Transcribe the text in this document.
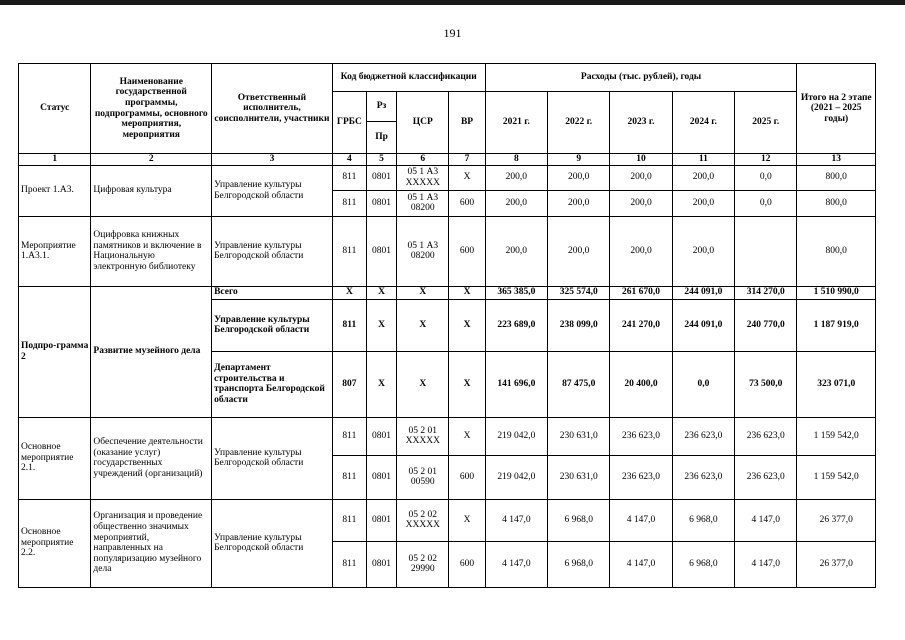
191
Статус	Наименование государственной программы, подпрограммы, основного мероприятия, мероприятия	Ответственный исполнитель, соисполнители, участники	Код бюджетной классификации				Расходы (тыс. рублей), годы					Итого на 2 этапе (2021 – 2025 годы)
			ГРБС	Рз	ЦСР	ВР	2021 г.	2022 г.	2023 г.	2024 г.	2025 г.	
				Пр								
1	2	3	4	5	6	7	8	9	10	11	12	13
Проект 1.А3.	Цифровая культура	Управление культуры Белгородской области	811	0801	05 1 А3 ХХХХХ	Х	200,0	200,0	200,0	200,0	0,0	800,0
			811	0801	05 1 А3 08200	600	200,0	200,0	200,0	200,0	0,0	800,0
Мероприятие 1.А3.1.	Оцифровка книжных памятников и включение в Национальную электронную библиотеку	Управление культуры Белгородской области	811	0801	05 1 А3 08200	600	200,0	200,0	200,0	200,0		800,0
Подпро-грамма 2	Развитие музейного дела	Всего	Х	Х	Х	Х	365 385,0	325 574,0	261 670,0	244 091,0	314 270,0	1 510 990,0
		Управление культуры Белгородской области	811	Х	Х	Х	223 689,0	238 099,0	241 270,0	244 091,0	240 770,0	1 187 919,0
		Департамент строительства и транспорта Белгородской области	807	Х	Х	Х	141 696,0	87 475,0	20 400,0	0,0	73 500,0	323 071,0
Основное мероприятие 2.1.	Обеспечение деятельности (оказание услуг) государственных учреждений (организаций)	Управление культуры Белгородской области	811	0801	05 2 01 ХХХХХ	Х	219 042,0	230 631,0	236 623,0	236 623,0	236 623,0	1 159 542,0
			811	0801	05 2 01 00590	600	219 042,0	230 631,0	236 623,0	236 623,0	236 623,0	1 159 542,0
Основное мероприятие 2.2.	Организация и проведение общественно значимых мероприятий, направленных на популяризацию музейного дела	Управление культуры Белгородской области	811	0801	05 2 02 ХХХХХ	Х	4 147,0	6 968,0	4 147,0	6 968,0	4 147,0	26 377,0
			811	0801	05 2 02 29990	600	4 147,0	6 968,0	4 147,0	6 968,0	4 147,0	26 377,0
